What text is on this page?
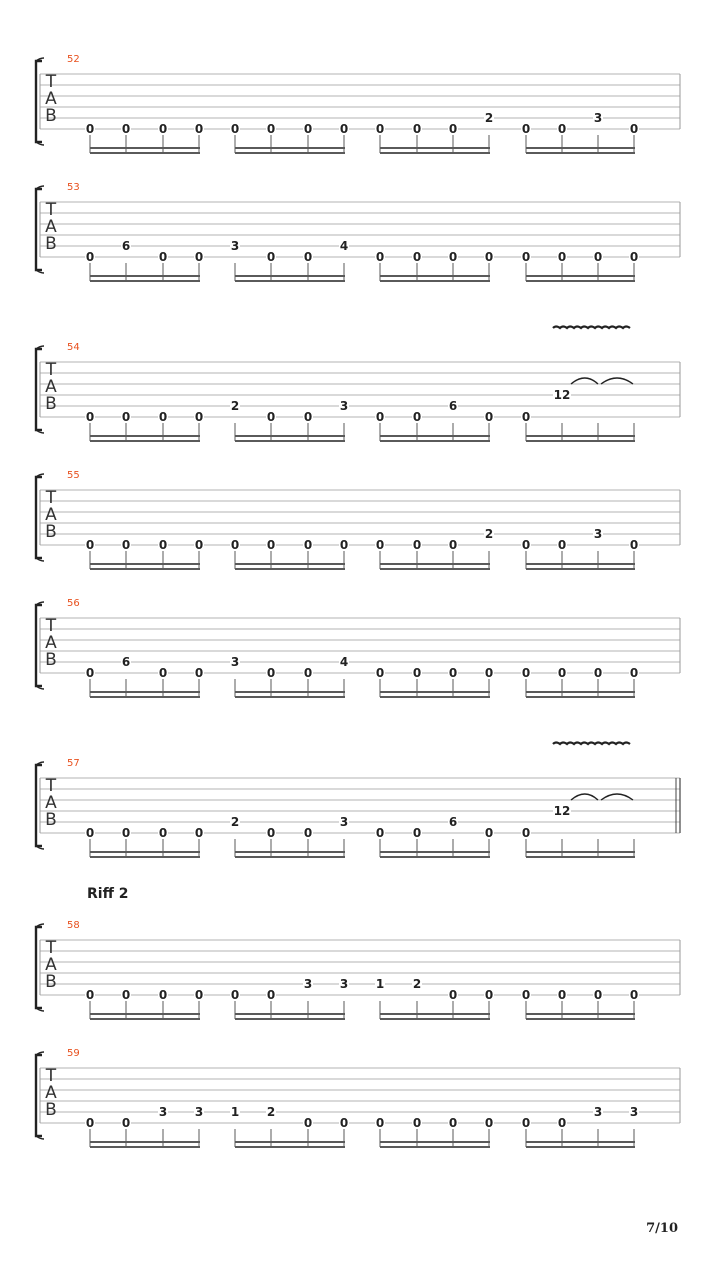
52
T
A
B
0 0 0 0 0 0 0 0 0 0 0
2
0 0
3
0
53
T
A
B
0
6
0 0
3
0 0
4
0 0 0 0 0 0 0 0
54
T
A
B
0 0 0 0
2
0 0
3
0 0
6
0 0
12
55
T
A
B
0 0 0 0 0 0 0 0 0 0 0
2
0 0
3
0
56
T
A
B
0
6
0 0
3
0 0
4
0 0 0 0 0 0 0 0
57
T
A
B
0 0 0 0
2
0 0
3
0 0
6
0 0
12
58
T
A
B
0 0 0 0 0 0
3 3 1 2
0 0 0 0 0 0
59
T
A
B
0 0
3 3 1 2
0 0 0 0 0 0 0 0
3 3
Riff 2
7/10
